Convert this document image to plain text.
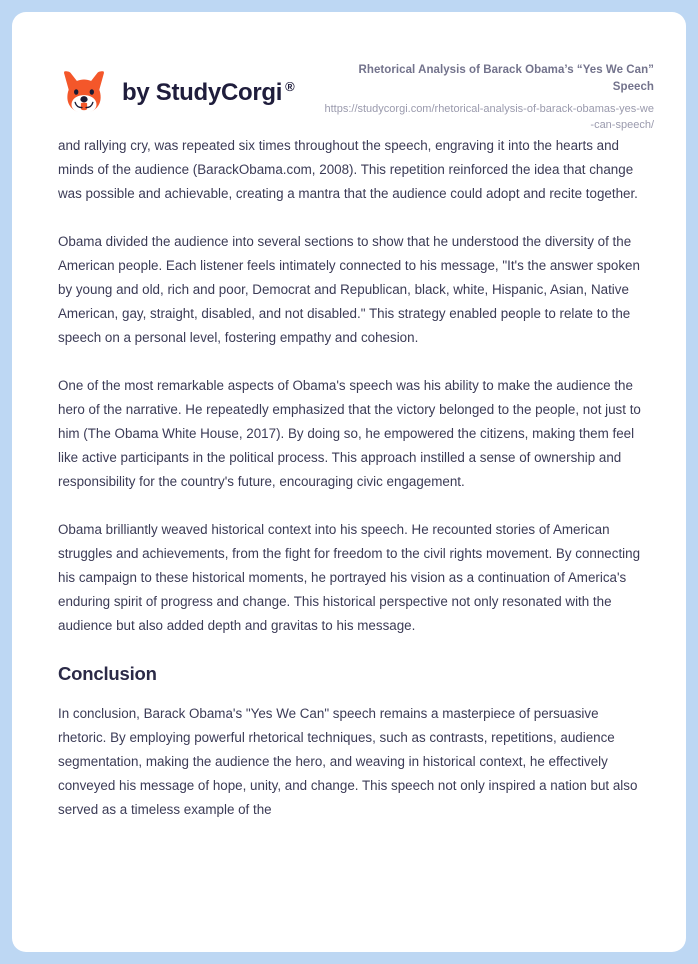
by StudyCorgi ®
Rhetorical Analysis of Barack Obama’s “Yes We Can” Speech
https://studycorgi.com/rhetorical-analysis-of-barack-obamas-yes-we-can-speech/

and rallying cry, was repeated six times throughout the speech, engraving it into the hearts and minds of the audience (BarackObama.com, 2008). This repetition reinforced the idea that change was possible and achievable, creating a mantra that the audience could adopt and recite together.

Obama divided the audience into several sections to show that he understood the diversity of the American people. Each listener feels intimately connected to his message, "It's the answer spoken by young and old, rich and poor, Democrat and Republican, black, white, Hispanic, Asian, Native American, gay, straight, disabled, and not disabled." This strategy enabled people to relate to the speech on a personal level, fostering empathy and cohesion.

One of the most remarkable aspects of Obama's speech was his ability to make the audience the hero of the narrative. He repeatedly emphasized that the victory belonged to the people, not just to him (The Obama White House, 2017). By doing so, he empowered the citizens, making them feel like active participants in the political process. This approach instilled a sense of ownership and responsibility for the country's future, encouraging civic engagement.

Obama brilliantly weaved historical context into his speech. He recounted stories of American struggles and achievements, from the fight for freedom to the civil rights movement. By connecting his campaign to these historical moments, he portrayed his vision as a continuation of America's enduring spirit of progress and change. This historical perspective not only resonated with the audience but also added depth and gravitas to his message.

Conclusion

In conclusion, Barack Obama's "Yes We Can" speech remains a masterpiece of persuasive rhetoric. By employing powerful rhetorical techniques, such as contrasts, repetitions, audience segmentation, making the audience the hero, and weaving in historical context, he effectively conveyed his message of hope, unity, and change. This speech not only inspired a nation but also served as a timeless example of the
